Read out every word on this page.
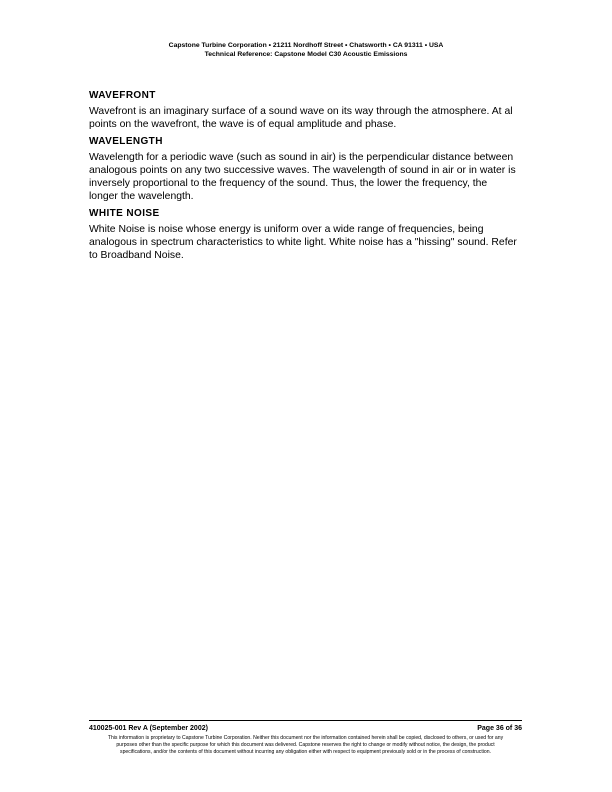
Capstone Turbine Corporation • 21211 Nordhoff Street • Chatsworth • CA 91311 • USA
Technical Reference: Capstone Model C30 Acoustic Emissions
WAVEFRONT

Wavefront is an imaginary surface of a sound wave on its way through the atmosphere. At al
points on the wavefront, the wave is of equal amplitude and phase.

WAVELENGTH

Wavelength for a periodic wave (such as sound in air) is the perpendicular distance between
analogous points on any two successive waves. The wavelength of sound in air or in water is
inversely proportional to the frequency of the sound. Thus, the lower the frequency, the
longer the wavelength.

WHITE NOISE

White Noise is noise whose energy is uniform over a wide range of frequencies, being
analogous in spectrum characteristics to white light. White noise has a "hissing" sound. Refer
to Broadband Noise.

410025-001 Rev A (September 2002)	Page 36 of 36
This information is proprietary to Capstone Turbine Corporation. Neither this document nor the information contained herein shall be copied, disclosed to others, or used for any
purposes other than the specific purpose for which this document was delivered. Capstone reserves the right to change or modify without notice, the design, the product
specifications, and/or the contents of this document without incurring any obligation either with respect to equipment previously sold or in the process of construction.
